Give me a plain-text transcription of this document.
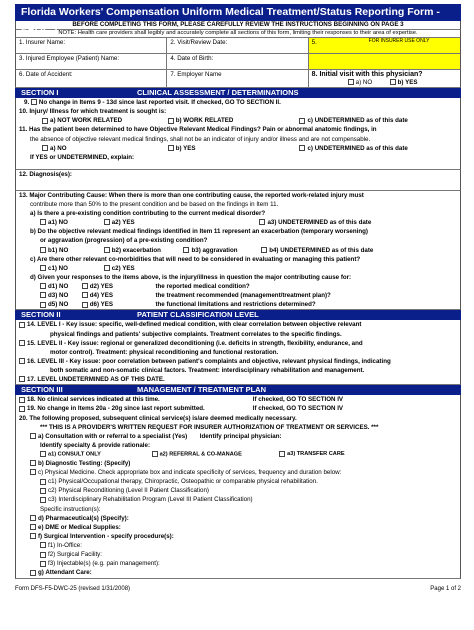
Florida Workers' Compensation Uniform Medical Treatment/Status Reporting Form - PAGE 1	BEFORE COMPLETING THIS FORM, PLEASE CAREFULLY REVIEW THE INSTRUCTIONS BEGINNING ON PAGE 3
NOTE: Health care providers shall legibly and accurately complete all sections of this form, limiting their responses to their area of expertise.
1. Insurer Name:	2. Visit/Review Date:	5.	FOR INSURER USE ONLY
3. Injured Employee (Patient) Name:	4. Date of Birth:
6. Date of Accident:	7. Employer Name	8. Initial visit with this physician?
a) NO	b) YES
SECTION I	CLINICAL ASSESSMENT / DETERMINATIONS
9. No change in Items 9 - 13d since last reported visit. If checked, GO TO SECTION II.
10. Injury/ Illness for which treatment is sought is:
a) NOT WORK RELATED	b) WORK RELATED	c) UNDETERMINED as of this date
11. Has the patient been determined to have Objective Relevant Medical Findings? Pain or abnormal anatomic findings, in
the absence of objective relevant medical findings, shall not be an indicator of injury and/or illness and are not compensable.
a) NO	b) YES	c) UNDETERMINED as of this date
If YES or UNDETERMINED, explain:
12. Diagnosis(es):
13. Major Contributing Cause: When there is more than one contributing cause, the reported work-related injury must
contribute more than 50% to the present condition and be based on the findings in Item 11.
a) Is there a pre-existing condition contributing to the current medical disorder?
a1) NO	a2) YES	a3) UNDETERMINED as of this date
b) Do the objective relevant medical findings identified in Item 11 represent an exacerbation (temporary worsening)
or aggravation (progression) of a pre-existing condition?
b1) NO	b2) exacerbation	b3) aggravation	b4) UNDETERMINED as of this date
c) Are there other relevant co-morbidities that will need to be considered in evaluating or managing this patient?
c1) NO	c2) YES
d) Given your responses to the items above, is the injury/illness in question the major contributing cause for:
d1) NO	d2) YES	the reported medical condition?
d3) NO	d4) YES	the treatment recommended (management/treatment plan)?
d5) NO	d6) YES	the functional limitations and restrictions determined?
SECTION II	PATIENT CLASSIFICATION LEVEL
14. LEVEL I - Key issue: specific, well-defined medical condition, with clear correlation between objective relevant
physical findings and patients' subjective complaints. Treatment correlates to the specific findings.
15. LEVEL II - Key issue: regional or generalized deconditioning (i.e. deficits in strength, flexibility, endurance, and
motor control). Treatment: physical reconditioning and functional restoration.
16. LEVEL III - Key issue: poor correlation between patient's complaints and objective, relevant physical findings, indicating
both somatic and non-somatic clinical factors. Treatment: interdisciplinary rehabilitation and management.
17. LEVEL UNDETERMINED AS OF THIS DATE.
SECTION III	MANAGEMENT / TREATMENT PLAN
18. No clinical services indicated at this time.	If checked, GO TO SECTION IV
19. No change in Items 20a - 20g since last report submitted.	If checked, GO TO SECTION IV
20. The following proposed, subsequent clinical service(s) is/are deemed medically necessary.
*** THIS IS A PROVIDER'S WRITTEN REQUEST FOR INSURER AUTHORIZATION OF TREATMENT OR SERVICES. ***
a) Consultation with or referral to a specialist (Yes) Identify principal physician:
Identify specialty & provide rationale:
a1) CONSULT ONLY	a2) REFERRAL & CO-MANAGE	a3) TRANSFER CARE
b) Diagnostic Testing: (Specify)
c) Physical Medicine. Check appropriate box and indicate specificity of services, frequency and duration below:
c1) Physical/Occupational therapy, Chiropractic, Osteopathic or comparable physical rehabilitation.
c2) Physical Reconditioning (Level II Patient Classification)
c3) Interdisciplinary Rehabilitation Program (Level III Patient Classification)
Specific instruction(s):
d) Pharmaceutical(s) (Specify):
e) DME or Medical Supplies:
f) Surgical Intervention - specify procedure(s):
f1) In-Office:
f2) Surgical Facility:
f3) Injectable(s) (e.g. pain management):
g) Attendant Care:
Form DFS-F5-DWC-25 (revised 1/31/2008)	Page 1 of 2
